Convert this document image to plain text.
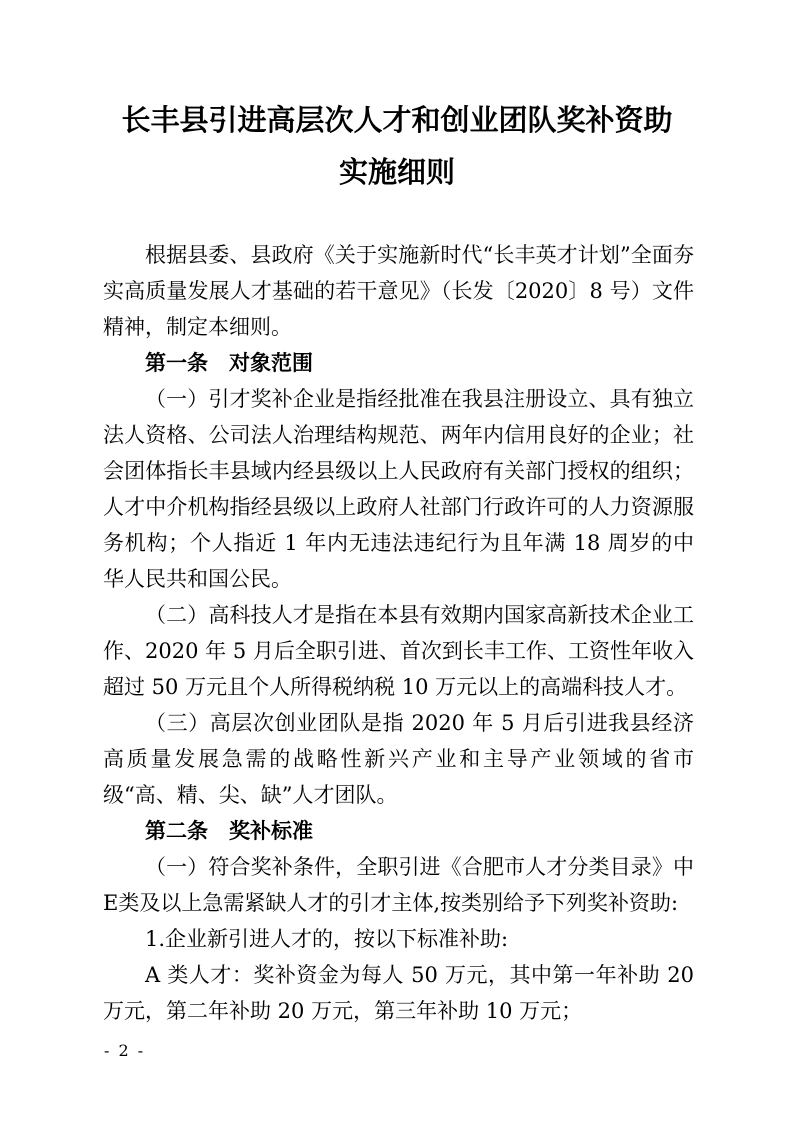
长丰县引进高层次人才和创业团队奖补资助
实施细则

根据县委、县政府《关于实施新时代“长丰英才计划”全面夯实高质量发展人才基础的若干意见》（长发〔2020〕8 号）文件精神，制定本细则。

第一条　对象范围

（一）引才奖补企业是指经批准在我县注册设立、具有独立法人资格、公司法人治理结构规范、两年内信用良好的企业；社会团体指长丰县域内经县级以上人民政府有关部门授权的组织；人才中介机构指经县级以上政府人社部门行政许可的人力资源服务机构；个人指近 1 年内无违法违纪行为且年满 18 周岁的中华人民共和国公民。

（二）高科技人才是指在本县有效期内国家高新技术企业工作、2020 年 5 月后全职引进、首次到长丰工作、工资性年收入超过 50 万元且个人所得税纳税 10 万元以上的高端科技人才。

（三）高层次创业团队是指 2020 年 5 月后引进我县经济高质量发展急需的战略性新兴产业和主导产业领域的省市级“高、精、尖、缺”人才团队。

第二条　奖补标准

（一）符合奖补条件，全职引进《合肥市人才分类目录》中E类及以上急需紧缺人才的引才主体,按类别给予下列奖补资助:

1.企业新引进人才的，按以下标准补助:

A 类人才：奖补资金为每人 50 万元，其中第一年补助 20 万元，第二年补助 20 万元，第三年补助 10 万元；

- 2 -
